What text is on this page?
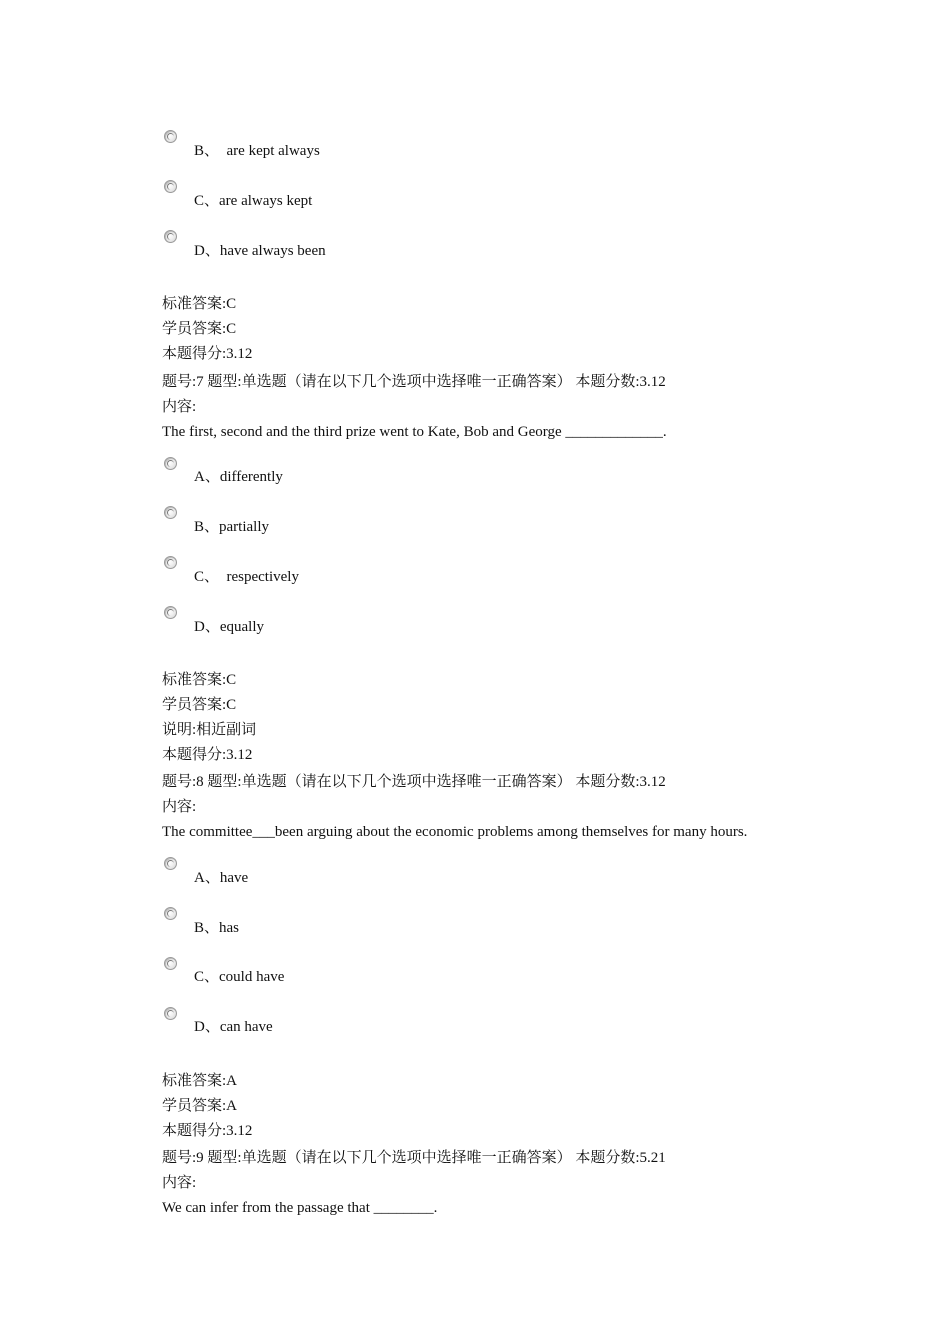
B、  are kept always
C、are always kept
D、have always been
标准答案:C
学员答案:C
本题得分:3.12
题号:7 题型:单选题（请在以下几个选项中选择唯一正确答案） 本题分数:3.12
内容:
The first, second and the third prize went to Kate, Bob and George _____________.
A、differently
B、partially
C、  respectively
D、equally
标准答案:C
学员答案:C
说明:相近副词
本题得分:3.12
题号:8 题型:单选题（请在以下几个选项中选择唯一正确答案） 本题分数:3.12
内容:
The committee___been arguing about the economic problems among themselves for many hours.
A、have
B、has
C、could have
D、can have
标准答案:A
学员答案:A
本题得分:3.12
题号:9 题型:单选题（请在以下几个选项中选择唯一正确答案） 本题分数:5.21
内容:
We can infer from the passage that ________.
